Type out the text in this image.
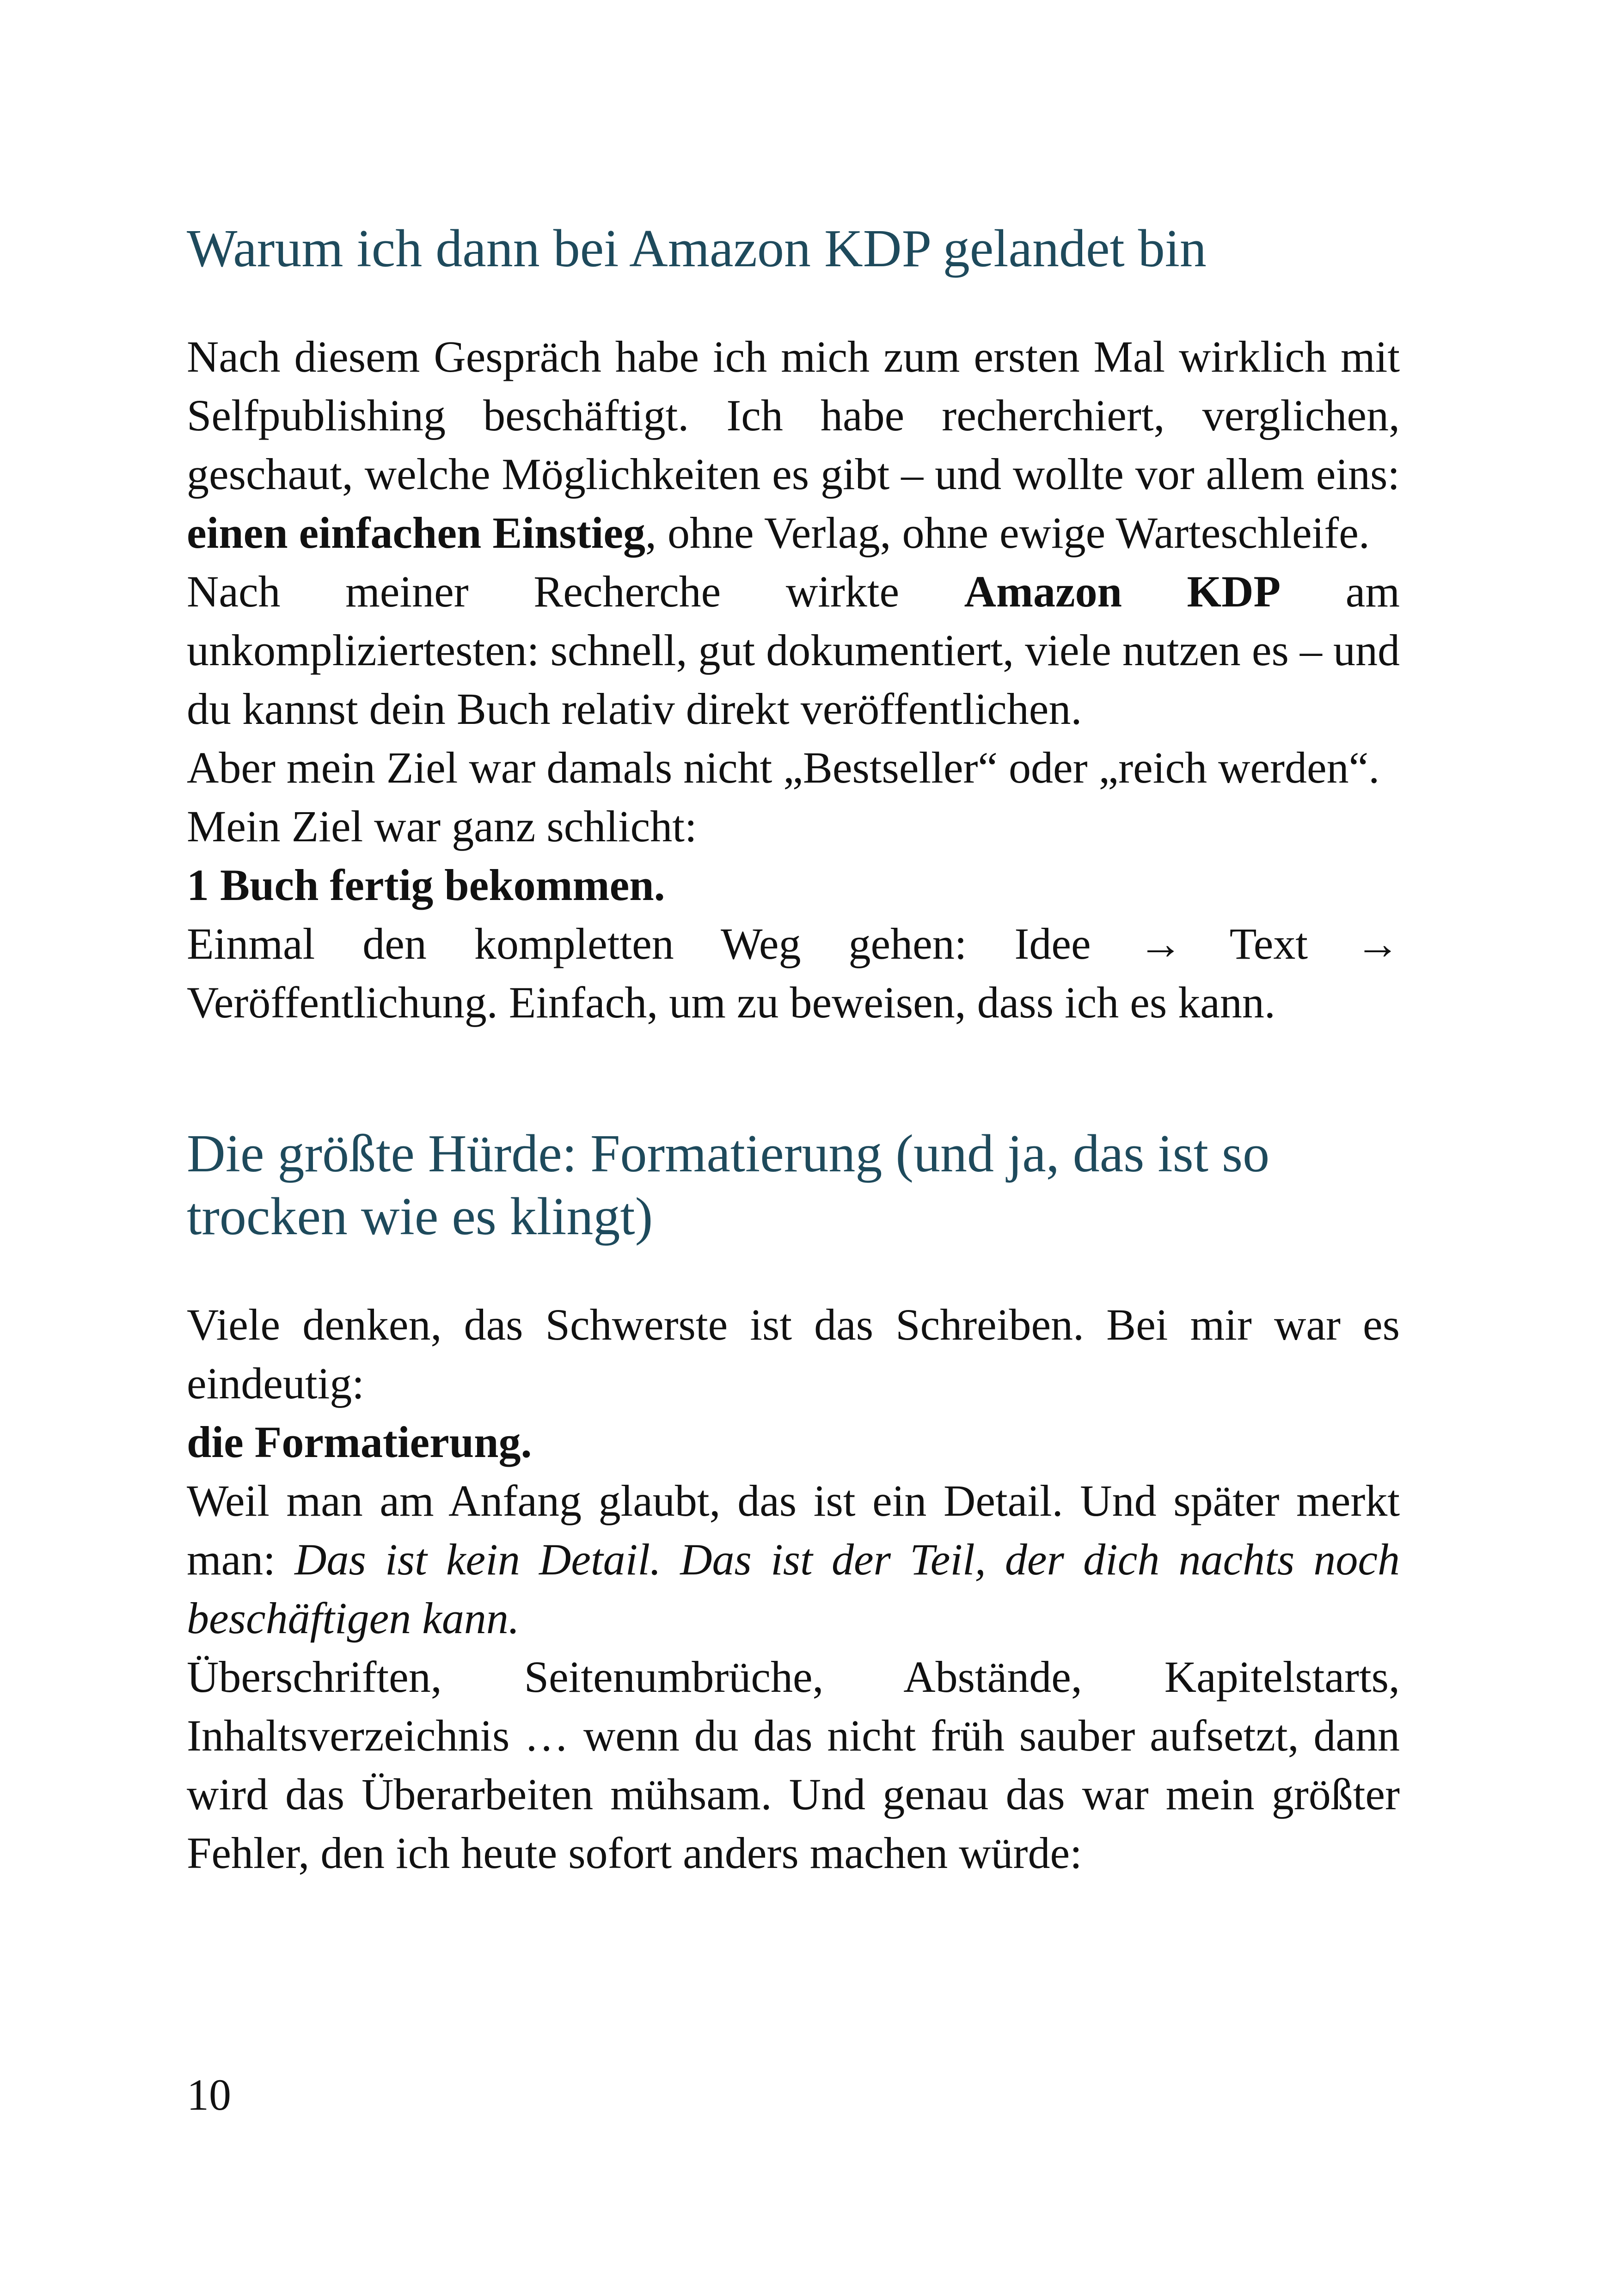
Warum ich dann bei Amazon KDP gelandet bin

Nach diesem Gespräch habe ich mich zum ersten Mal wirklich mit Selfpublishing beschäftigt. Ich habe recherchiert, verglichen, geschaut, welche Möglichkeiten es gibt – und wollte vor allem eins: einen einfachen Einstieg, ohne Verlag, ohne ewige Warteschleife.

Nach meiner Recherche wirkte Amazon KDP am unkompliziertesten: schnell, gut dokumentiert, viele nutzen es – und du kannst dein Buch relativ direkt veröffentlichen.

Aber mein Ziel war damals nicht „Bestseller“ oder „reich werden“.

Mein Ziel war ganz schlicht:

1 Buch fertig bekommen.

Einmal den kompletten Weg gehen: Idee → Text → Veröffentlichung. Einfach, um zu beweisen, dass ich es kann.

Die größte Hürde: Formatierung (und ja, das ist so trocken wie es klingt)

Viele denken, das Schwerste ist das Schreiben. Bei mir war es eindeutig:

die Formatierung.

Weil man am Anfang glaubt, das ist ein Detail. Und später merkt man: Das ist kein Detail. Das ist der Teil, der dich nachts noch beschäftigen kann.

Überschriften, Seitenumbrüche, Abstände, Kapitelstarts, Inhaltsverzeichnis … wenn du das nicht früh sauber aufsetzt, dann wird das Überarbeiten mühsam. Und genau das war mein größter Fehler, den ich heute sofort anders machen würde:

10
